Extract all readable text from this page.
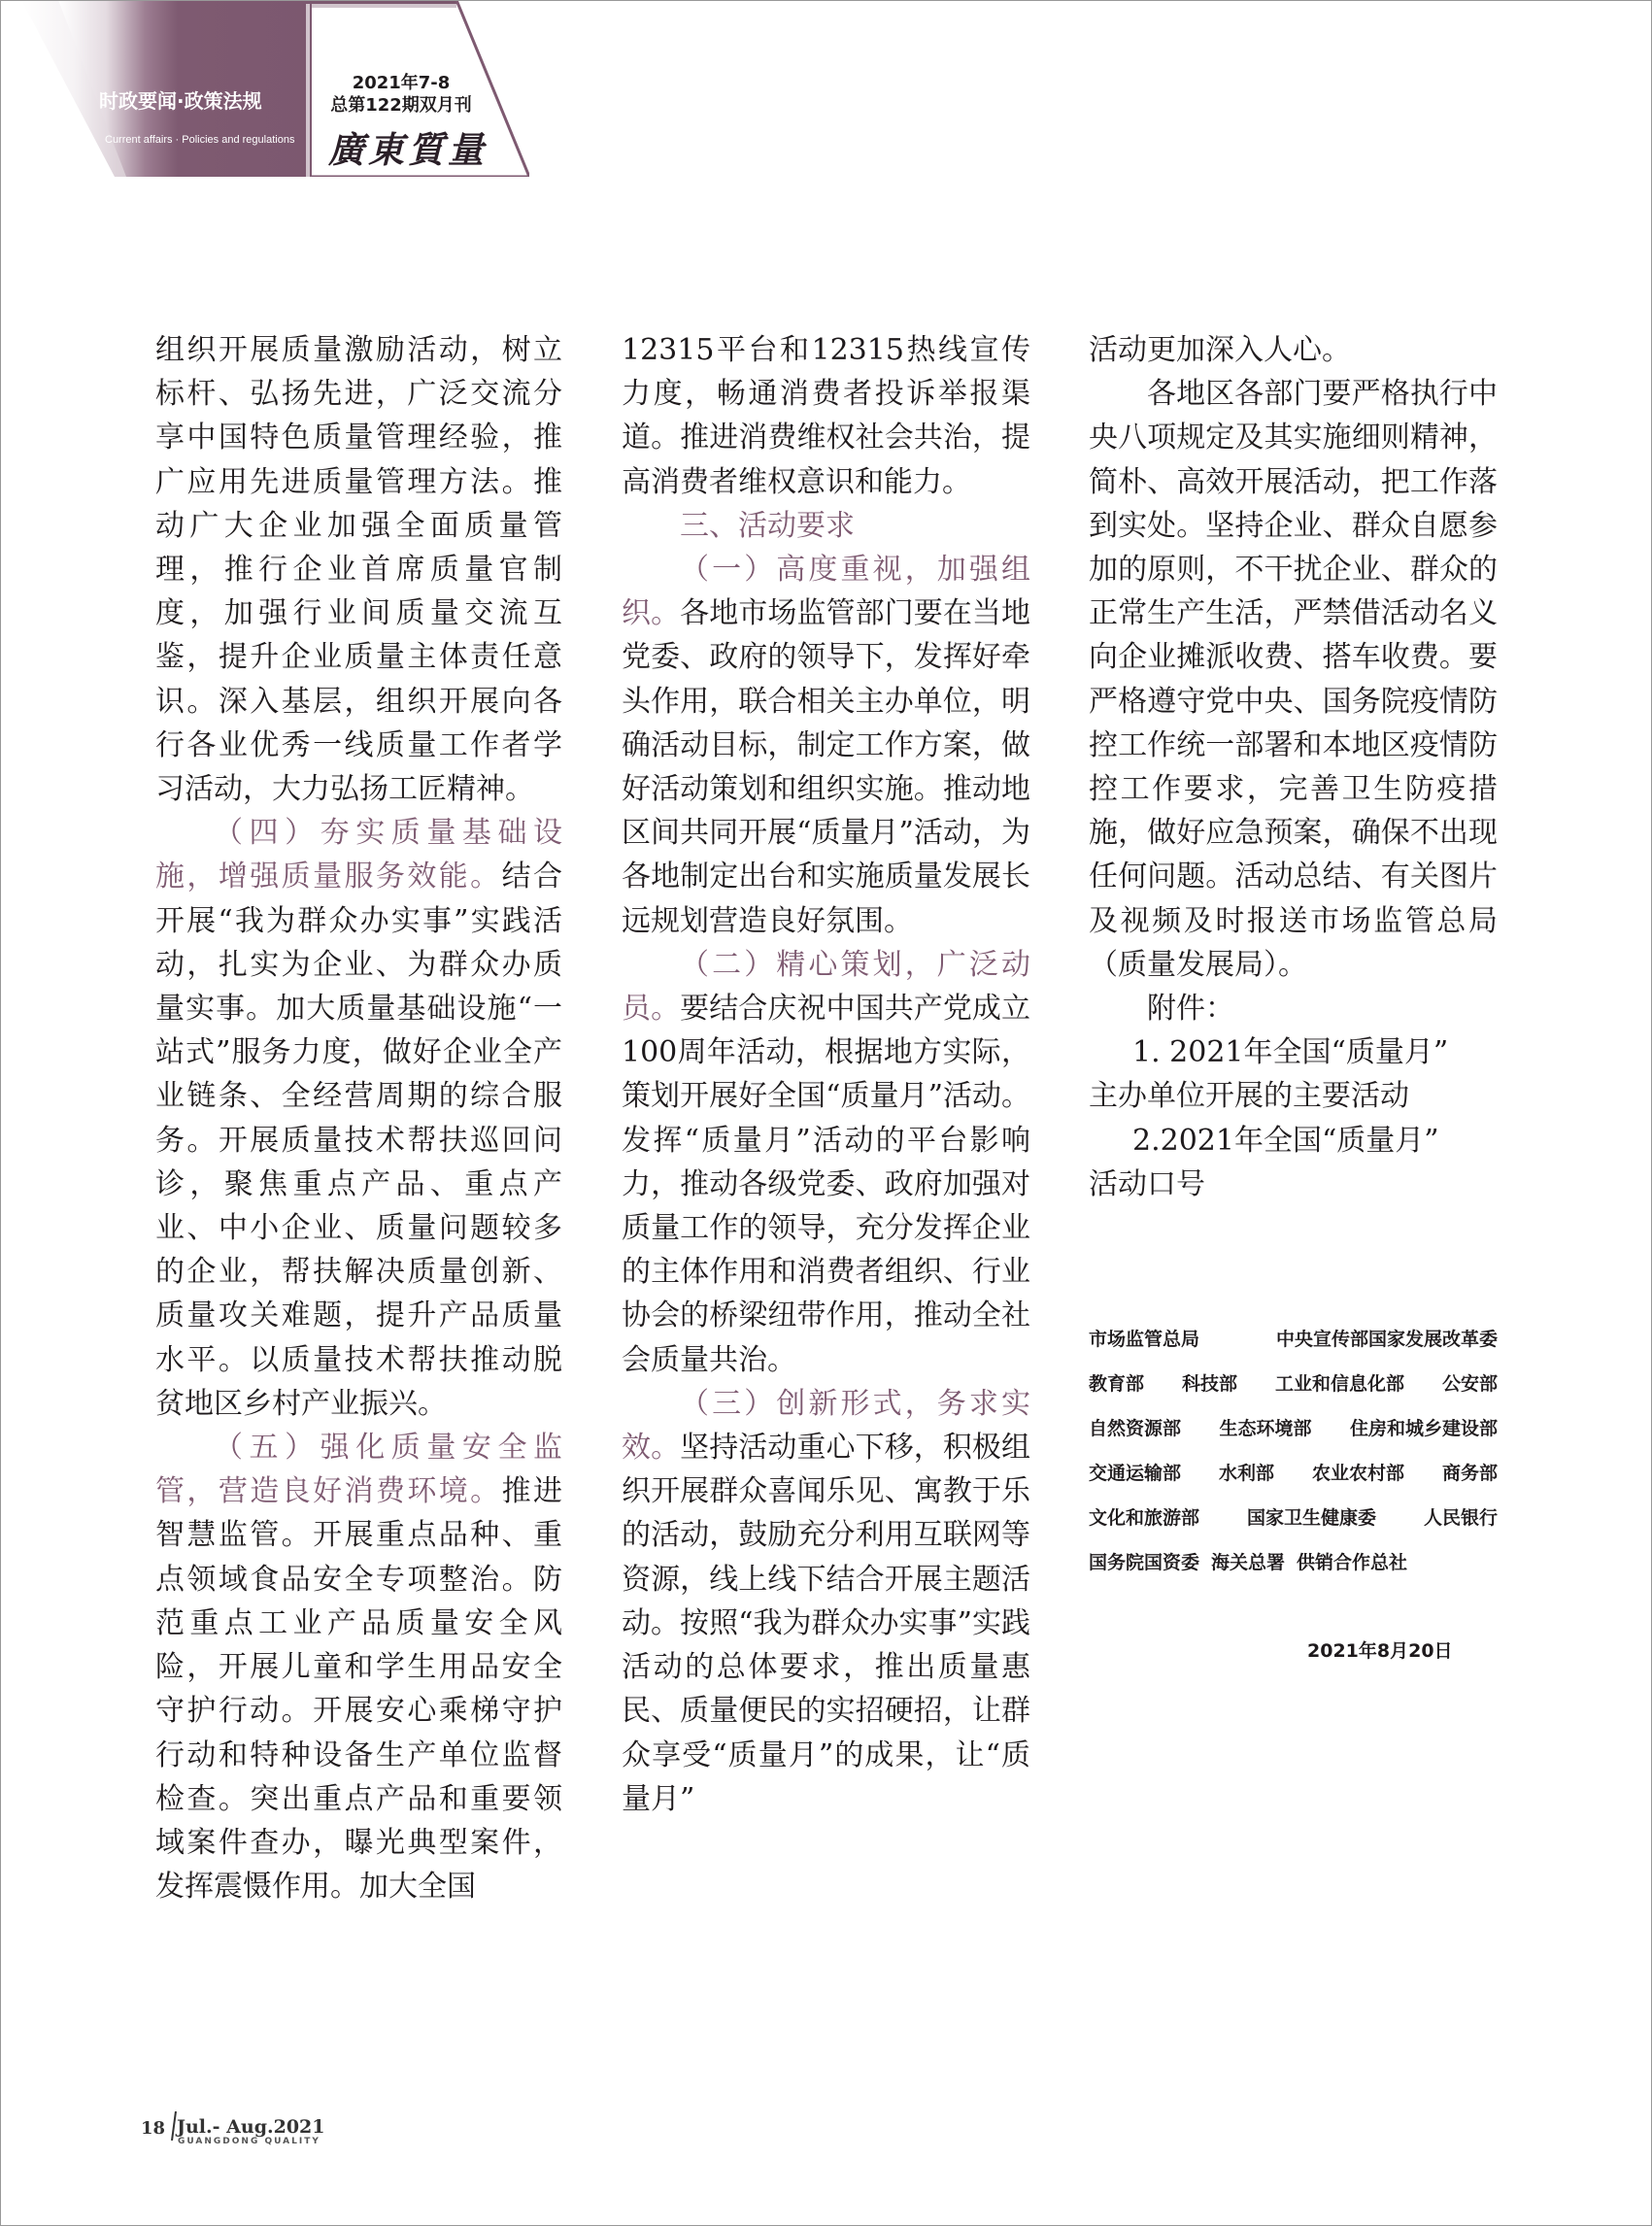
时政要闻·政策法规
Current affairs · Policies and regulations
2021年7-8
总第122期双月刊
廣東質量

组织开展质量激励活动，树立标杆、弘扬先进，广泛交流分享中国特色质量管理经验，推广应用先进质量管理方法。推动广大企业加强全面质量管理，推行企业首席质量官制度，加强行业间质量交流互鉴，提升企业质量主体责任意识。深入基层，组织开展向各行各业优秀一线质量工作者学习活动，大力弘扬工匠精神。

（四）夯实质量基础设施，增强质量服务效能。结合开展“我为群众办实事”实践活动，扎实为企业、为群众办质量实事。加大质量基础设施“一站式”服务力度，做好企业全产业链条、全经营周期的综合服务。开展质量技术帮扶巡回问诊，聚焦重点产品、重点产业、中小企业、质量问题较多的企业，帮扶解决质量创新、质量攻关难题，提升产品质量水平。以质量技术帮扶推动脱贫地区乡村产业振兴。

（五）强化质量安全监管，营造良好消费环境。推进智慧监管。开展重点品种、重点领域食品安全专项整治。防范重点工业产品质量安全风险，开展儿童和学生用品安全守护行动。开展安心乘梯守护行动和特种设备生产单位监督检查。突出重点产品和重要领域案件查办，曝光典型案件，发挥震慑作用。加大全国

12315平台和12315热线宣传力度，畅通消费者投诉举报渠道。推进消费维权社会共治，提高消费者维权意识和能力。

三、活动要求

（一）高度重视，加强组织。各地市场监管部门要在当地党委、政府的领导下，发挥好牵头作用，联合相关主办单位，明确活动目标，制定工作方案，做好活动策划和组织实施。推动地区间共同开展“质量月”活动，为各地制定出台和实施质量发展长远规划营造良好氛围。

（二）精心策划，广泛动员。要结合庆祝中国共产党成立100周年活动，根据地方实际，策划开展好全国“质量月”活动。发挥“质量月”活动的平台影响力，推动各级党委、政府加强对质量工作的领导，充分发挥企业的主体作用和消费者组织、行业协会的桥梁纽带作用，推动全社会质量共治。

（三）创新形式，务求实效。坚持活动重心下移，积极组织开展群众喜闻乐见、寓教于乐的活动，鼓励充分利用互联网等资源，线上线下结合开展主题活动。按照“我为群众办实事”实践活动的总体要求，推出质量惠民、质量便民的实招硬招，让群众享受“质量月”的成果，让“质量月”

活动更加深入人心。

各地区各部门要严格执行中央八项规定及其实施细则精神，简朴、高效开展活动，把工作落到实处。坚持企业、群众自愿参加的原则，不干扰企业、群众的正常生产生活，严禁借活动名义向企业摊派收费、搭车收费。要严格遵守党中央、国务院疫情防控工作统一部署和本地区疫情防控工作要求，完善卫生防疫措施，做好应急预案，确保不出现任何问题。活动总结、有关图片及视频及时报送市场监管总局（质量发展局）。

附件：

1. 2021年全国“质量月”

主办单位开展的主要活动

2.2021年全国“质量月”

活动口号

市场监管总局	中央宣传部国家发展改革委
教育部 科技部 工业和信息化部 公安部
自然资源部 生态环境部 住房和城乡建设部
交通运输部 水利部 农业农村部 商务部
文化和旅游部	国家卫生健康委	人民银行
国务院国资委 海关总署 供销合作总社
2021年8月20日
18 Jul.- Aug.2021
GUANGDONG QUALITY
